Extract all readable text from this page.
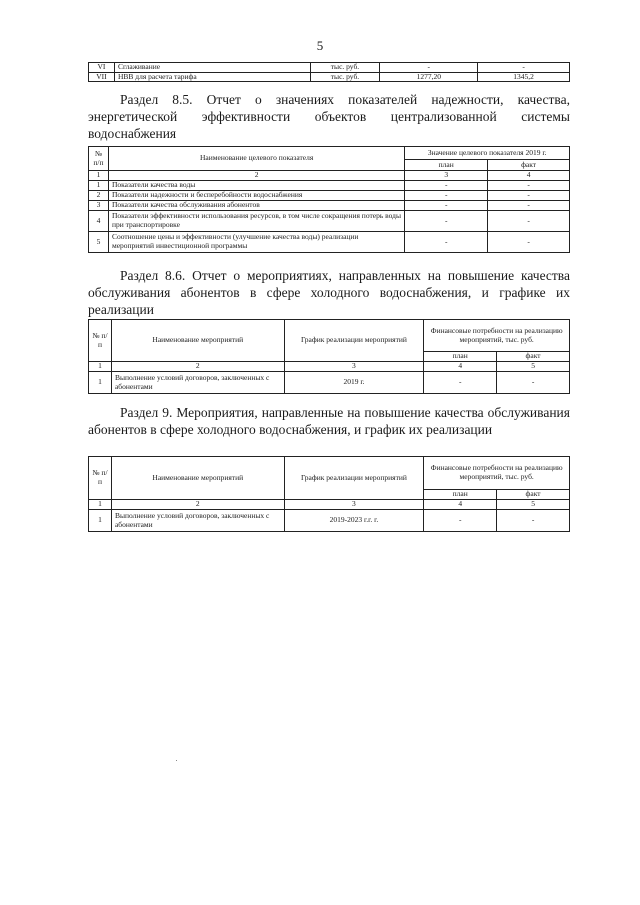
5
VI	Сглаживание	тыс. руб.	-	-
VII	НВВ для расчета тарифа	тыс. руб.	1277,20	1345,2
Раздел 8.5. Отчет о значениях показателей надежности, качества, энергетической эффективности объектов централизованной системы водоснабжения
№ п/п	Наименование целевого показателя	Значение целевого показателя 2019 г.	
		план	факт
1	2	3	4
1	Показатели качества воды	-	-
2	Показатели надежности и бесперебойности водоснабжения	-	-
3	Показатели качества обслуживания абонентов	-	-
4	Показатели эффективности использования ресурсов, в том числе сокращения потерь воды при транспортировке	-	-
5	Соотношение цены и эффективности (улучшение качества воды) реализации мероприятий инвестиционной программы	-	-
Раздел 8.6. Отчет о мероприятиях, направленных на повышение качества обслуживания абонентов в сфере холодного водоснабжения, и графике их реализации
№ п/п	Наименование мероприятий	График реализации мероприятий	Финансовые потребности на реализацию мероприятий, тыс. руб.	
			план	факт
1	2	3	4	5
1	Выполнение условий договоров, заключенных с абонентами	2019 г.	-	-
Раздел 9. Мероприятия, направленные на повышение качества обслуживания абонентов в сфере холодного водоснабжения, и график их реализации
№ п/п	Наименование мероприятий	График реализации мероприятий	Финансовые потребности на реализацию мероприятий, тыс. руб.	
			план	факт
1	2	3	4	5
1	Выполнение условий договоров, заключенных с абонентами	2019-2023 г.г. г.	-	-
